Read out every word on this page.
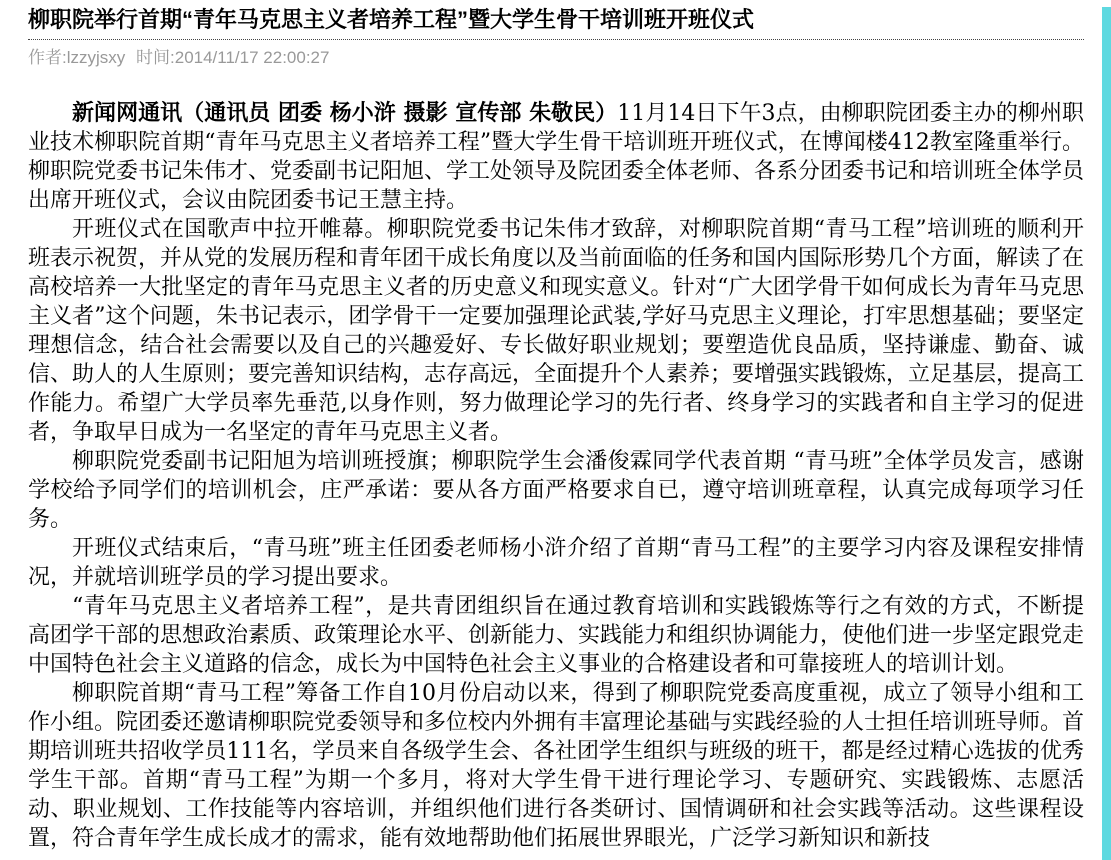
柳职院举行首期“青年马克思主义者培养工程”暨大学生骨干培训班开班仪式
作者:lzzyjsxy 时间:2014/11/17 22:00:27

新闻网通讯（通讯员 团委 杨小浒 摄影 宣传部 朱敬民）11月14日下午3点，由柳职院团委主办的柳州职业技术柳职院首期“青年马克思主义者培养工程”暨大学生骨干培训班开班仪式，在博闻楼412教室隆重举行。柳职院党委书记朱伟才、党委副书记阳旭、学工处领导及院团委全体老师、各系分团委书记和培训班全体学员出席开班仪式，会议由院团委书记王慧主持。

开班仪式在国歌声中拉开帷幕。柳职院党委书记朱伟才致辞，对柳职院首期“青马工程”培训班的顺利开班表示祝贺，并从党的发展历程和青年团干成长角度以及当前面临的任务和国内国际形势几个方面，解读了在高校培养一大批坚定的青年马克思主义者的历史意义和现实意义。针对“广大团学骨干如何成长为青年马克思主义者”这个问题，朱书记表示，团学骨干一定要加强理论武装,学好马克思主义理论，打牢思想基础；要坚定理想信念，结合社会需要以及自己的兴趣爱好、专长做好职业规划；要塑造优良品质，坚持谦虚、勤奋、诚信、助人的人生原则；要完善知识结构，志存高远，全面提升个人素养；要增强实践锻炼，立足基层，提高工作能力。希望广大学员率先垂范,以身作则，努力做理论学习的先行者、终身学习的实践者和自主学习的促进者，争取早日成为一名坚定的青年马克思主义者。

柳职院党委副书记阳旭为培训班授旗；柳职院学生会潘俊霖同学代表首期 “青马班”全体学员发言，感谢学校给予同学们的培训机会，庄严承诺：要从各方面严格要求自已，遵守培训班章程，认真完成每项学习任务。

开班仪式结束后，“青马班”班主任团委老师杨小浒介绍了首期“青马工程”的主要学习内容及课程安排情况，并就培训班学员的学习提出要求。

“青年马克思主义者培养工程”，是共青团组织旨在通过教育培训和实践锻炼等行之有效的方式，不断提高团学干部的思想政治素质、政策理论水平、创新能力、实践能力和组织协调能力，使他们进一步坚定跟党走中国特色社会主义道路的信念，成长为中国特色社会主义事业的合格建设者和可靠接班人的培训计划。

柳职院首期“青马工程”筹备工作自10月份启动以来，得到了柳职院党委高度重视，成立了领导小组和工作小组。院团委还邀请柳职院党委领导和多位校内外拥有丰富理论基础与实践经验的人士担任培训班导师。首期培训班共招收学员111名，学员来自各级学生会、各社团学生组织与班级的班干，都是经过精心选拔的优秀学生干部。首期“青马工程”为期一个多月，将对大学生骨干进行理论学习、专题研究、实践锻炼、志愿活动、职业规划、工作技能等内容培训，并组织他们进行各类研讨、国情调研和社会实践等活动。这些课程设置，符合青年学生成长成才的需求，能有效地帮助他们拓展世界眼光，广泛学习新知识和新技
